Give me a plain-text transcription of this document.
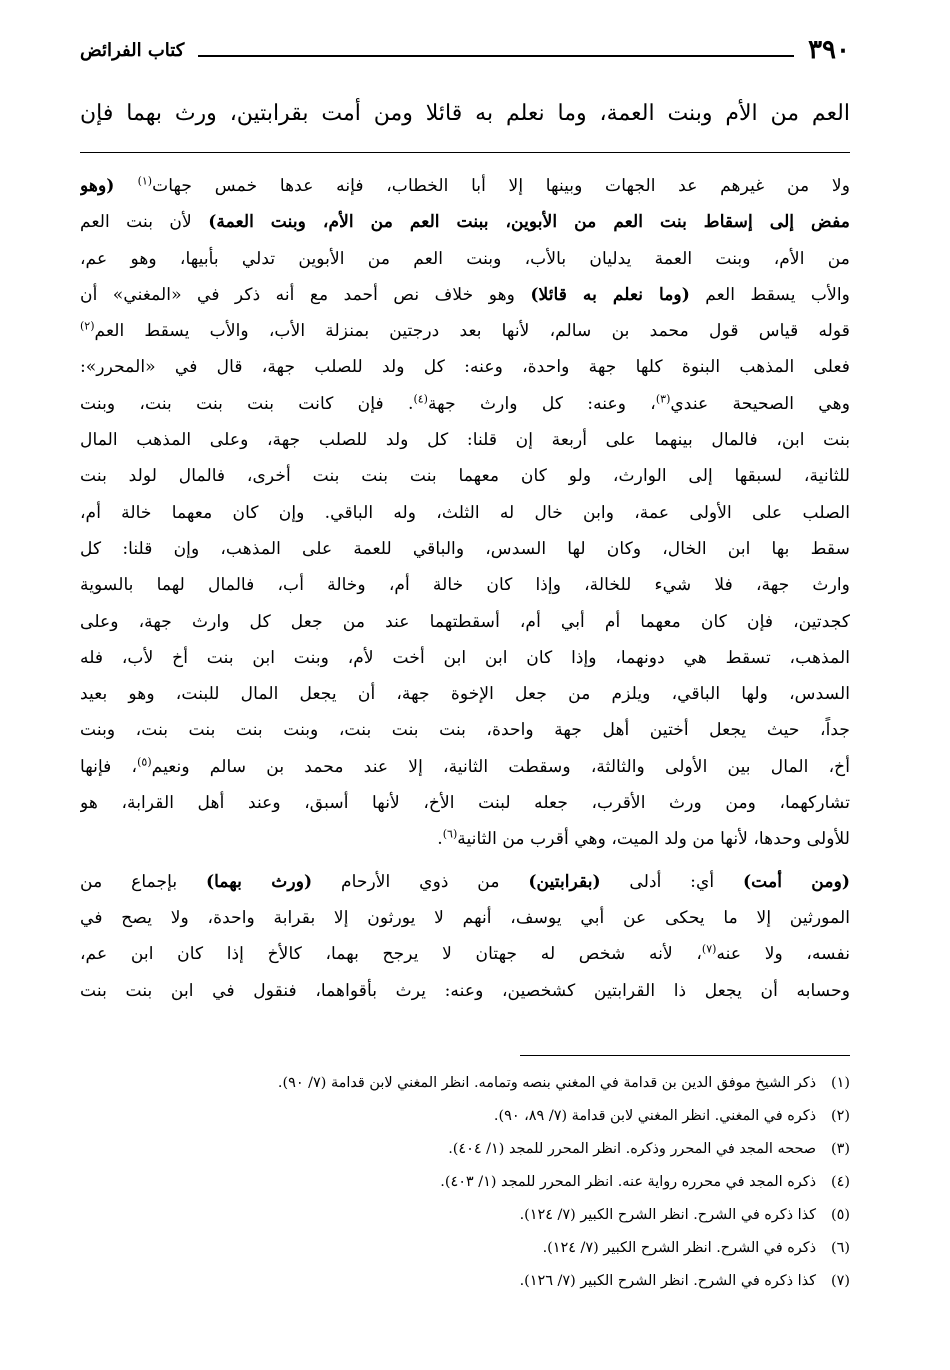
٣٩٠
كتاب الفرائض
العم من الأم وبنت العمة، وما نعلم به قائلا ومن أمت بقرابتين، ورث بهما فإن

ولا من غيرهم عد الجهات وبينها إلا أبا الخطاب، فإنه عدها خمس جهات$^{(١)}$ (وهو
مفض إلى إسقاط بنت العم من الأبوين، ببنت العم من الأم، وبنت العمة) لأن بنت العم
من الأم، وبنت العمة يدليان بالأب، وبنت العم من الأبوين تدلي بأبيها، وهو عم،
والأب يسقط العم (وما نعلم به قائلا) وهو خلاف نص أحمد مع أنه ذكر في «المغني» أن
قوله قياس قول محمد بن سالم، لأنها بعد درجتين بمنزلة الأب، والأب يسقط العم$^{(٢)}$
فعلى المذهب البنوة كلها جهة واحدة، وعنه: كل ولد للصلب جهة، قال في «المحرر»:
وهي الصحيحة عندي$^{(٣)}$، وعنه: كل وارث جهة$^{(٤)}$. فإن كانت بنت بنت بنت، وبنت
بنت ابن، فالمال بينهما على أربعة إن قلنا: كل ولد للصلب جهة، وعلى المذهب المال
للثانية، لسبقها إلى الوارث، ولو كان معهما بنت بنت بنت أخرى، فالمال لولد بنت
الصلب على الأولى عمة، وابن خال له الثلث، وله الباقي. وإن كان معهما خالة أم،
سقط بها ابن الخال، وكان لها السدس، والباقي للعمة على المذهب، وإن قلنا: كل
وارث جهة، فلا شيء للخالة، وإذا كان خالة أم، وخالة أب، فالمال لهما بالسوية
كجدتين، فإن كان معهما أم أبي أم، أسقطتهما عند من جعل كل وارث جهة، وعلى
المذهب، تسقط هي دونهما، وإذا كان ابن ابن أخت لأم، وبنت ابن بنت أخ لأب، فله
السدس، ولها الباقي، ويلزم من جعل الإخوة جهة، أن يجعل المال للبنت، وهو بعيد
جداً، حيث يجعل أختين أهل جهة واحدة، بنت بنت بنت، وبنت بنت بنت بنت، وبنت
أخ، المال بين الأولى والثالثة، وسقطت الثانية، إلا عند محمد بن سالم ونعيم$^{(٥)}$، فإنها
تشاركهما، ومن ورث الأقرب، جعله لبنت الأخ، لأنها أسبق، وعند أهل القرابة، هو
للأولى وحدها، لأنها من ولد الميت، وهي أقرب من الثانية$^{(٦)}$.

(ومن أمت) أي: أدلى (بقرابتين) من ذوي الأرحام (ورث بهما) بإجماع من
المورثين إلا ما يحكى عن أبي يوسف، أنهم لا يورثون إلا بقرابة واحدة، ولا يصح في
نفسه، ولا عنه$^{(٧)}$، لأنه شخص له جهتان لا يرجح بهما، كالأخ إذا كان ابن عم،
وحسابه أن يجعل ذا القرابتين كشخصين، وعنه: يرث بأقواهما، فنقول في ابن بنت بنت

(١)
ذكر الشيخ موفق الدين بن قدامة في المغني بنصه وتمامه. انظر المغني لابن قدامة (٧/ ٩٠).
(٢)
ذكره في المغني. انظر المغني لابن قدامة (٧/ ٨٩، ٩٠).
(٣)
صححه المجد في المحرر وذكره. انظر المحرر للمجد (١/ ٤٠٤).
(٤)
ذكره المجد في محرره رواية عنه. انظر المحرر للمجد (١/ ٤٠٣).
(٥)
كذا ذكره في الشرح. انظر الشرح الكبير (٧/ ١٢٤).
(٦)
ذكره في الشرح. انظر الشرح الكبير (٧/ ١٢٤).
(٧)
كذا ذكره في الشرح. انظر الشرح الكبير (٧/ ١٢٦).
